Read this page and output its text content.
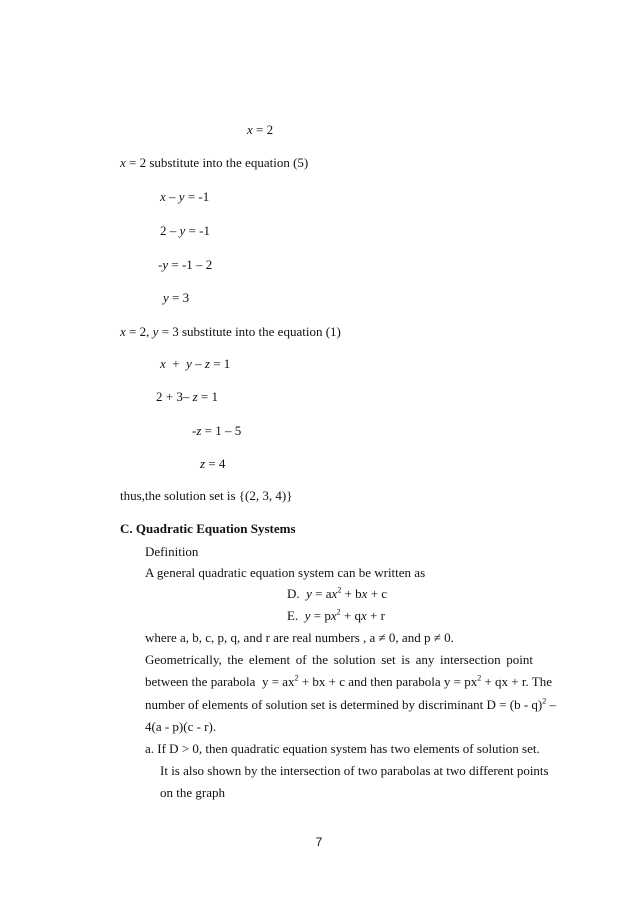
x = 2
x = 2 substitute into the equation (5)
x – y = -1
2 – y = -1
-y = -1 – 2
y = 3
x = 2, y = 3 substitute into the equation (1)
x  +  y – z = 1
2 + 3– z = 1
-z = 1 – 5
z = 4
thus,the solution set is {(2, 3, 4)}
C. Quadratic Equation Systems
Definition
A general quadratic equation system can be written as
D.  $y = ax^2$ + bx + c
E.  $y = px^2$ + qx + r
where a, b, c, p, q, and r are real numbers , a ≠ 0, and p ≠ 0.
Geometrically, the element of the solution set is any intersection point
between the parabola  $y = ax^2$ + bx + c and then parabola $y = px^2$ + qx + r. The
number of elements of solution set is determined by discriminant D = (b - q)$^2$ –
4(a - p)(c - r).
a. If D > 0, then quadratic equation system has two elements of solution set.
It is also shown by the intersection of two parabolas at two different points
on the graph
7
